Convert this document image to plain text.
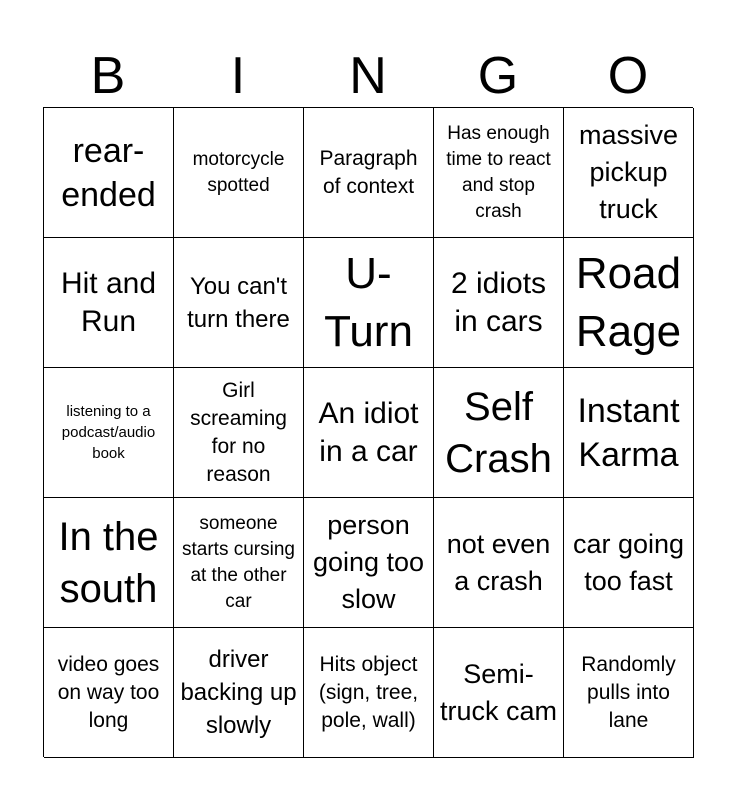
B	I	N	G	O
rear-ended
motorcycle spotted
Paragraph of context
Has enough time to react and stop crash
massive pickup truck
Hit and Run
You can't turn there
U-Turn
2 idiots in cars
Road Rage
listening to a podcast/audio book
Girl screaming for no reason
An idiot in a car
Self Crash
Instant Karma
In the south
someone starts cursing at the other car
person going too slow
not even a crash
car going too fast
video goes on way too long
driver backing up slowly
Hits object (sign, tree, pole, wall)
Semi-truck cam
Randomly pulls into lane
